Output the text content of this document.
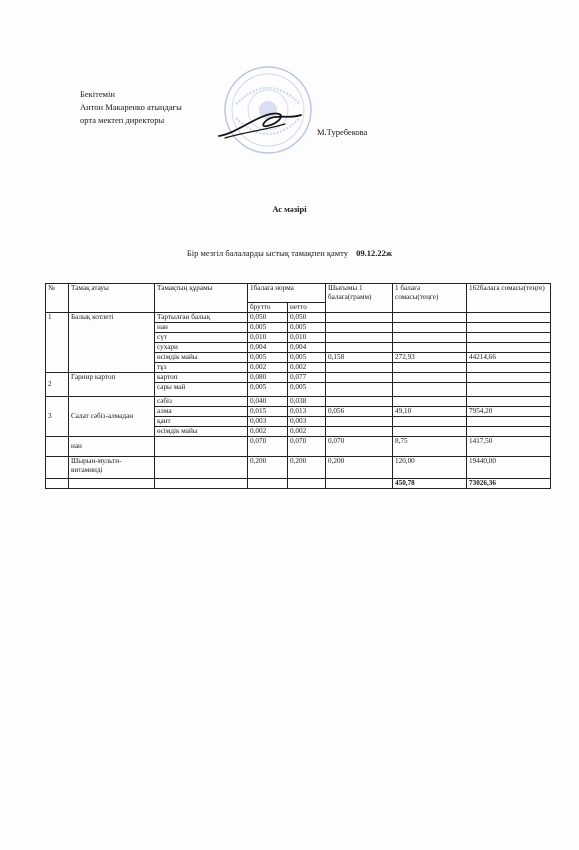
Бекітемін
Антон Макаренко атындағы
орта мектеп директоры
М.Туребекова
Ас мәзірі
Бір мезгіл балаларды ыстық тамақпен қамту 09.12.22ж
№	Тамақ атауы	Тамақтың құрамы	1балаға норма		Шығымы 1 балаға(грамм)	1 балаға сомасы(теңге)	162балаға сомасы(теңге)
			брутто	нетто			
1	Балық котлеті	Тартылған балық	0,050	0,050			
		нан	0,005	0,005			
		сүт	0,010	0,010			
		сухари	0,004	0,004			
		өсімдік майы	0,005	0,005	0,158	272,93	44214,66
		тұз	0,002	0,002			
2	Гарнир картоп	картоп	0,080	0,077			
		сары май	0,005	0,005			
3	Салат сәбіз-алмадан	сәбіз	0,040	0,038			
		алма	0,015	0,013	0,056	49,10	7954,20
		қант	0,003	0,003			
		өсімдік майы	0,002	0,002			
	нан		0,070	0,070	0,070	8,75	1417,50
	Шырын-мульти-витаминді		0,200	0,200	0,200	120,00	19440,00
						450,78	73026,36
